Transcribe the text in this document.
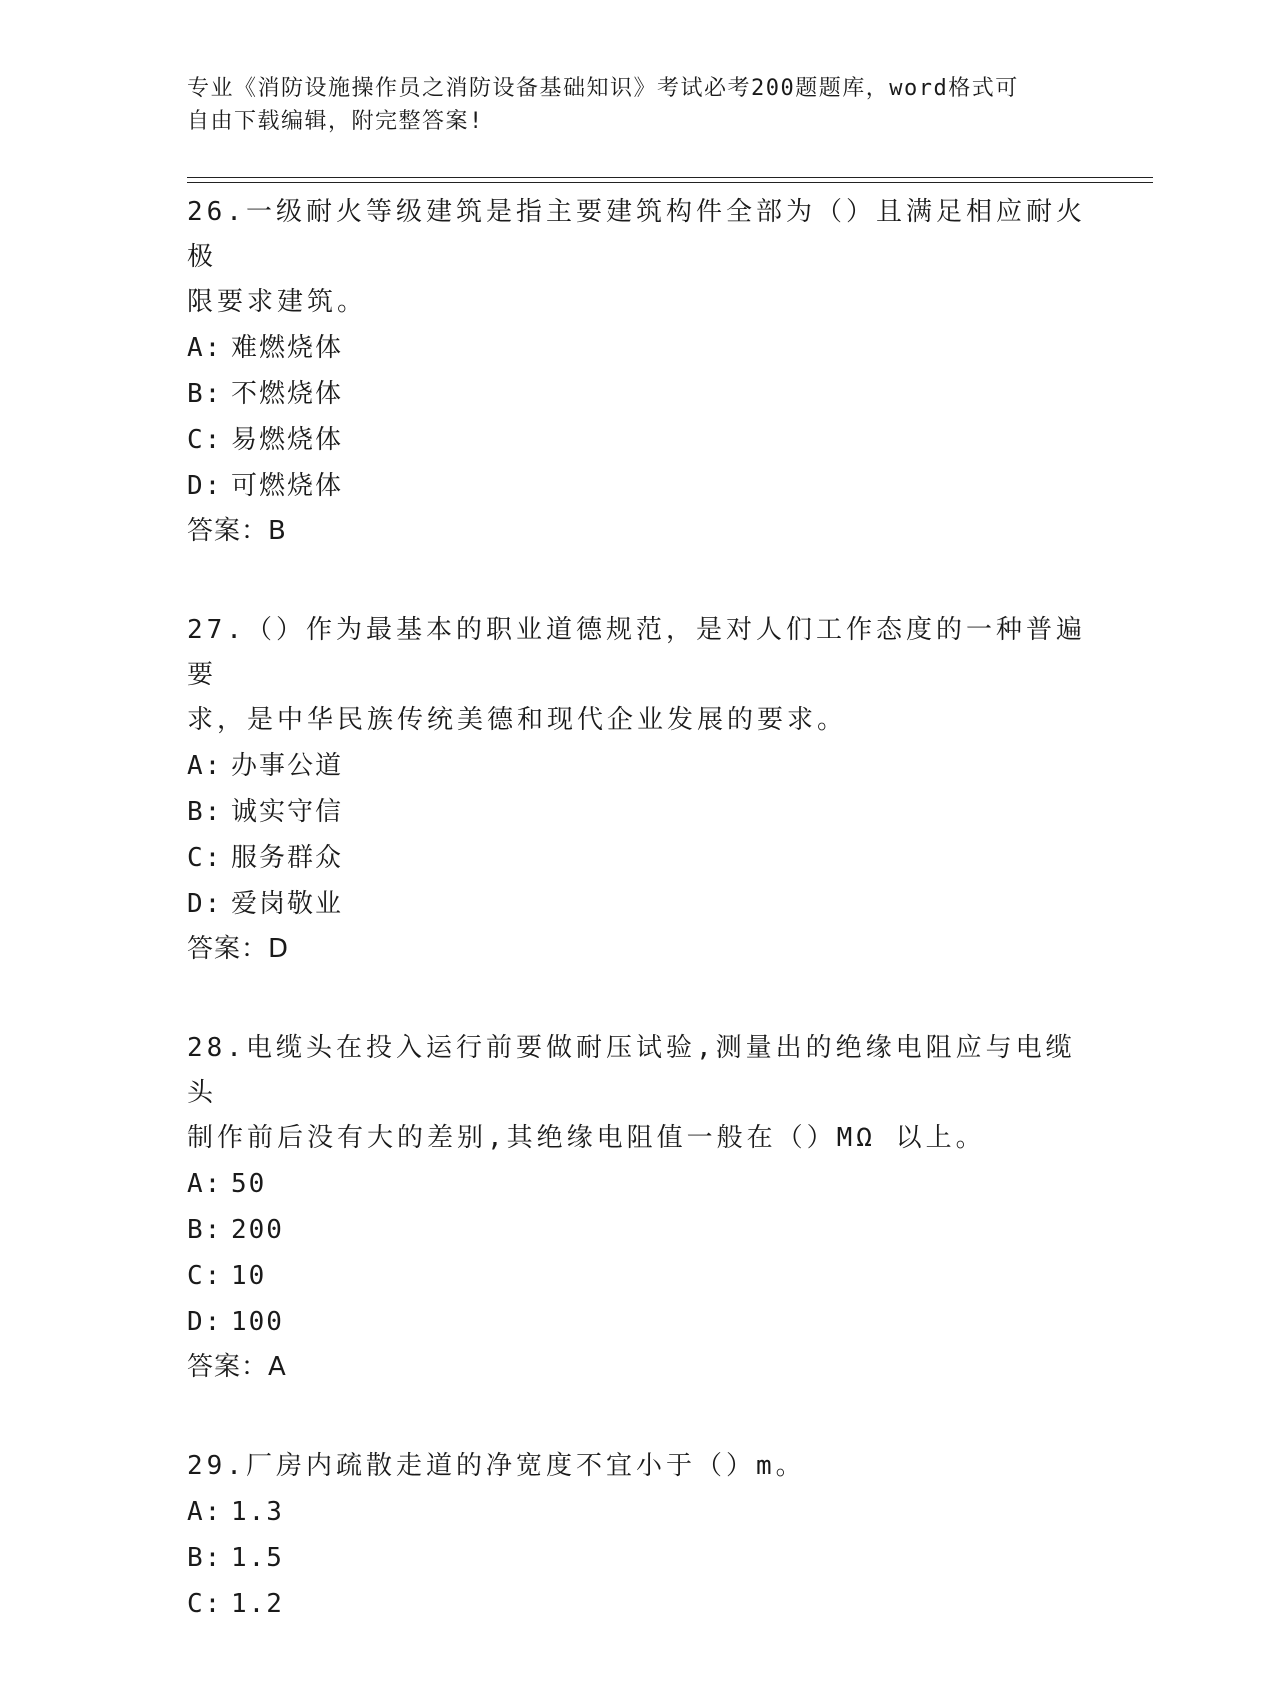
专业《消防设施操作员之消防设备基础知识》考试必考200题题库，word格式可
自由下载编辑，附完整答案!
26.一级耐火等级建筑是指主要建筑构件全部为（）且满足相应耐火极
限要求建筑。
A: 难燃烧体
B: 不燃烧体
C: 易燃烧体
D: 可燃烧体
答案：B
27.（）作为最基本的职业道德规范，是对人们工作态度的一种普遍要
求，是中华民族传统美德和现代企业发展的要求。
A: 办事公道
B: 诚实守信
C: 服务群众
D: 爱岗敬业
答案：D
28.电缆头在投入运行前要做耐压试验,测量出的绝缘电阻应与电缆头
制作前后没有大的差别,其绝缘电阻值一般在（）MΩ 以上。
A: 50
B: 200
C: 10
D: 100
答案：A
29.厂房内疏散走道的净宽度不宜小于（）m。
A: 1.3
B: 1.5
C: 1.2
